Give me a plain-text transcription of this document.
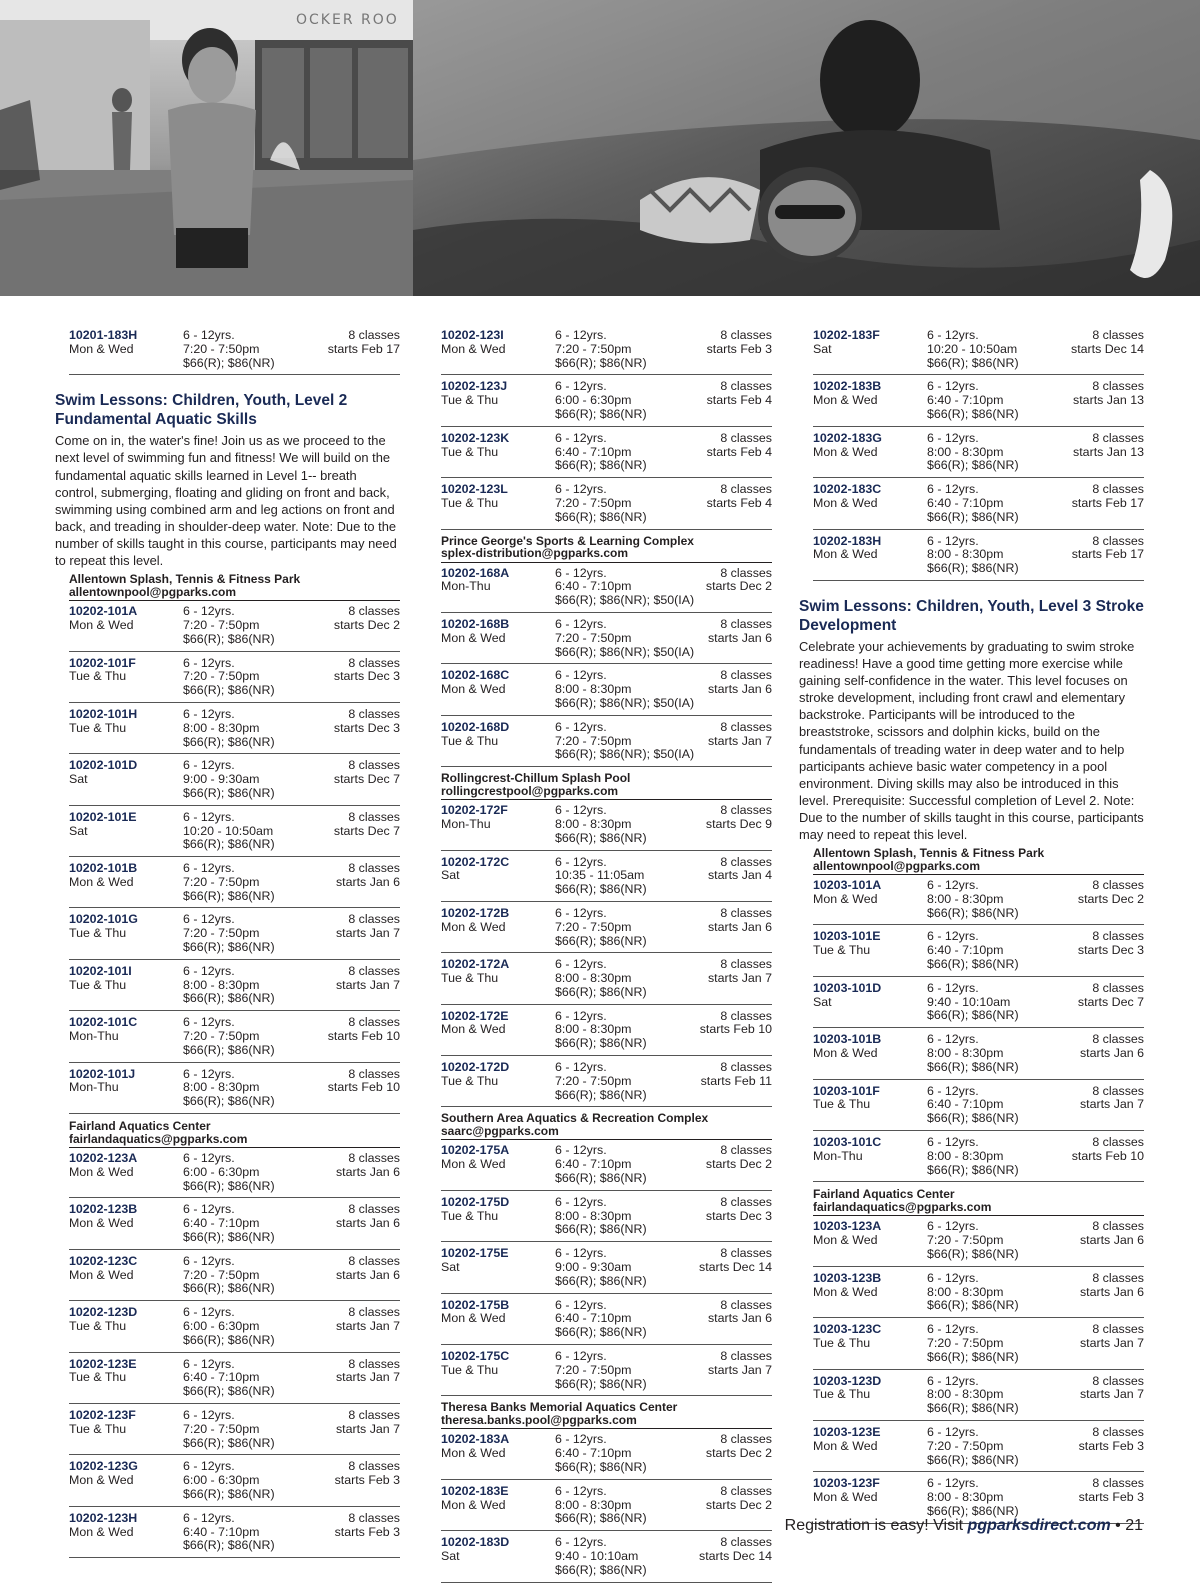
OCKER ROO
10201-183H	6 - 12yrs.	8 classes
Mon & Wed	7:20 - 7:50pm	starts Feb 17
$66(R); $86(NR)
Swim Lessons: Children, Youth, Level 2 Fundamental Aquatic Skills
Come on in, the water's fine! Join us as we proceed to the next level of swimming fun and fitness! We will build on the fundamental aquatic skills learned in Level 1-- breath control, submerging, floating and gliding on front and back, swimming using combined arm and leg actions on front and back, and treading in shoulder-deep water. Note: Due to the number of skills taught in this course, participants may need to repeat this level.
Allentown Splash, Tennis & Fitness Park
allentownpool@pgparks.com
10202-101A	6 - 12yrs.	8 classes
Mon & Wed	7:20 - 7:50pm	starts Dec 2
$66(R); $86(NR)
10202-101F	6 - 12yrs.	8 classes
Tue & Thu	7:20 - 7:50pm	starts Dec 3
$66(R); $86(NR)
10202-101H	6 - 12yrs.	8 classes
Tue & Thu	8:00 - 8:30pm	starts Dec 3
$66(R); $86(NR)
10202-101D	6 - 12yrs.	8 classes
Sat	9:00 - 9:30am	starts Dec 7
$66(R); $86(NR)
10202-101E	6 - 12yrs.	8 classes
Sat	10:20 - 10:50am	starts Dec 7
$66(R); $86(NR)
10202-101B	6 - 12yrs.	8 classes
Mon & Wed	7:20 - 7:50pm	starts Jan 6
$66(R); $86(NR)
10202-101G	6 - 12yrs.	8 classes
Tue & Thu	7:20 - 7:50pm	starts Jan 7
$66(R); $86(NR)
10202-101I	6 - 12yrs.	8 classes
Tue & Thu	8:00 - 8:30pm	starts Jan 7
$66(R); $86(NR)
10202-101C	6 - 12yrs.	8 classes
Mon-Thu	7:20 - 7:50pm	starts Feb 10
$66(R); $86(NR)
10202-101J	6 - 12yrs.	8 classes
Mon-Thu	8:00 - 8:30pm	starts Feb 10
$66(R); $86(NR)
Fairland Aquatics Center
fairlandaquatics@pgparks.com
10202-123A	6 - 12yrs.	8 classes
Mon & Wed	6:00 - 6:30pm	starts Jan 6
$66(R); $86(NR)
10202-123B	6 - 12yrs.	8 classes
Mon & Wed	6:40 - 7:10pm	starts Jan 6
$66(R); $86(NR)
10202-123C	6 - 12yrs.	8 classes
Mon & Wed	7:20 - 7:50pm	starts Jan 6
$66(R); $86(NR)
10202-123D	6 - 12yrs.	8 classes
Tue & Thu	6:00 - 6:30pm	starts Jan 7
$66(R); $86(NR)
10202-123E	6 - 12yrs.	8 classes
Tue & Thu	6:40 - 7:10pm	starts Jan 7
$66(R); $86(NR)
10202-123F	6 - 12yrs.	8 classes
Tue & Thu	7:20 - 7:50pm	starts Jan 7
$66(R); $86(NR)
10202-123G	6 - 12yrs.	8 classes
Mon & Wed	6:00 - 6:30pm	starts Feb 3
$66(R); $86(NR)
10202-123H	6 - 12yrs.	8 classes
Mon & Wed	6:40 - 7:10pm	starts Feb 3
$66(R); $86(NR)
10202-123I	6 - 12yrs.	8 classes
Mon & Wed	7:20 - 7:50pm	starts Feb 3
$66(R); $86(NR)
10202-123J	6 - 12yrs.	8 classes
Tue & Thu	6:00 - 6:30pm	starts Feb 4
$66(R); $86(NR)
10202-123K	6 - 12yrs.	8 classes
Tue & Thu	6:40 - 7:10pm	starts Feb 4
$66(R); $86(NR)
10202-123L	6 - 12yrs.	8 classes
Tue & Thu	7:20 - 7:50pm	starts Feb 4
$66(R); $86(NR)
Prince George's Sports & Learning Complex
splex-distribution@pgparks.com
10202-168A	6 - 12yrs.	8 classes
Mon-Thu	6:40 - 7:10pm	starts Dec 2
$66(R); $86(NR); $50(IA)
10202-168B	6 - 12yrs.	8 classes
Mon & Wed	7:20 - 7:50pm	starts Jan 6
$66(R); $86(NR); $50(IA)
10202-168C	6 - 12yrs.	8 classes
Mon & Wed	8:00 - 8:30pm	starts Jan 6
$66(R); $86(NR); $50(IA)
10202-168D	6 - 12yrs.	8 classes
Tue & Thu	7:20 - 7:50pm	starts Jan 7
$66(R); $86(NR); $50(IA)
Rollingcrest-Chillum Splash Pool
rollingcrestpool@pgparks.com
10202-172F	6 - 12yrs.	8 classes
Mon-Thu	8:00 - 8:30pm	starts Dec 9
$66(R); $86(NR)
10202-172C	6 - 12yrs.	8 classes
Sat	10:35 - 11:05am	starts Jan 4
$66(R); $86(NR)
10202-172B	6 - 12yrs.	8 classes
Mon & Wed	7:20 - 7:50pm	starts Jan 6
$66(R); $86(NR)
10202-172A	6 - 12yrs.	8 classes
Tue & Thu	8:00 - 8:30pm	starts Jan 7
$66(R); $86(NR)
10202-172E	6 - 12yrs.	8 classes
Mon & Wed	8:00 - 8:30pm	starts Feb 10
$66(R); $86(NR)
10202-172D	6 - 12yrs.	8 classes
Tue & Thu	7:20 - 7:50pm	starts Feb 11
$66(R); $86(NR)
Southern Area Aquatics & Recreation Complex
saarc@pgparks.com
10202-175A	6 - 12yrs.	8 classes
Mon & Wed	6:40 - 7:10pm	starts Dec 2
$66(R); $86(NR)
10202-175D	6 - 12yrs.	8 classes
Tue & Thu	8:00 - 8:30pm	starts Dec 3
$66(R); $86(NR)
10202-175E	6 - 12yrs.	8 classes
Sat	9:00 - 9:30am	starts Dec 14
$66(R); $86(NR)
10202-175B	6 - 12yrs.	8 classes
Mon & Wed	6:40 - 7:10pm	starts Jan 6
$66(R); $86(NR)
10202-175C	6 - 12yrs.	8 classes
Tue & Thu	7:20 - 7:50pm	starts Jan 7
$66(R); $86(NR)
Theresa Banks Memorial Aquatics Center
theresa.banks.pool@pgparks.com
10202-183A	6 - 12yrs.	8 classes
Mon & Wed	6:40 - 7:10pm	starts Dec 2
$66(R); $86(NR)
10202-183E	6 - 12yrs.	8 classes
Mon & Wed	8:00 - 8:30pm	starts Dec 2
$66(R); $86(NR)
10202-183D	6 - 12yrs.	8 classes
Sat	9:40 - 10:10am	starts Dec 14
$66(R); $86(NR)
10202-183F	6 - 12yrs.	8 classes
Sat	10:20 - 10:50am	starts Dec 14
$66(R); $86(NR)
10202-183B	6 - 12yrs.	8 classes
Mon & Wed	6:40 - 7:10pm	starts Jan 13
$66(R); $86(NR)
10202-183G	6 - 12yrs.	8 classes
Mon & Wed	8:00 - 8:30pm	starts Jan 13
$66(R); $86(NR)
10202-183C	6 - 12yrs.	8 classes
Mon & Wed	6:40 - 7:10pm	starts Feb 17
$66(R); $86(NR)
10202-183H	6 - 12yrs.	8 classes
Mon & Wed	8:00 - 8:30pm	starts Feb 17
$66(R); $86(NR)
Swim Lessons: Children, Youth, Level 3 Stroke Development
Celebrate your achievements by graduating to swim stroke readiness! Have a good time getting more exercise while gaining self-confidence in the water. This level focuses on stroke development, including front crawl and elementary backstroke. Participants will be introduced to the breaststroke, scissors and dolphin kicks, build on the fundamentals of treading water in deep water and to help participants achieve basic water competency in a pool environment. Diving skills may also be introduced in this level. Prerequisite: Successful completion of Level 2. Note: Due to the number of skills taught in this course, participants may need to repeat this level.
Allentown Splash, Tennis & Fitness Park
allentownpool@pgparks.com
10203-101A	6 - 12yrs.	8 classes
Mon & Wed	8:00 - 8:30pm	starts Dec 2
$66(R); $86(NR)
10203-101E	6 - 12yrs.	8 classes
Tue & Thu	6:40 - 7:10pm	starts Dec 3
$66(R); $86(NR)
10203-101D	6 - 12yrs.	8 classes
Sat	9:40 - 10:10am	starts Dec 7
$66(R); $86(NR)
10203-101B	6 - 12yrs.	8 classes
Mon & Wed	8:00 - 8:30pm	starts Jan 6
$66(R); $86(NR)
10203-101F	6 - 12yrs.	8 classes
Tue & Thu	6:40 - 7:10pm	starts Jan 7
$66(R); $86(NR)
10203-101C	6 - 12yrs.	8 classes
Mon-Thu	8:00 - 8:30pm	starts Feb 10
$66(R); $86(NR)
Fairland Aquatics Center
fairlandaquatics@pgparks.com
10203-123A	6 - 12yrs.	8 classes
Mon & Wed	7:20 - 7:50pm	starts Jan 6
$66(R); $86(NR)
10203-123B	6 - 12yrs.	8 classes
Mon & Wed	8:00 - 8:30pm	starts Jan 6
$66(R); $86(NR)
10203-123C	6 - 12yrs.	8 classes
Tue & Thu	7:20 - 7:50pm	starts Jan 7
$66(R); $86(NR)
10203-123D	6 - 12yrs.	8 classes
Tue & Thu	8:00 - 8:30pm	starts Jan 7
$66(R); $86(NR)
10203-123E	6 - 12yrs.	8 classes
Mon & Wed	7:20 - 7:50pm	starts Feb 3
$66(R); $86(NR)
10203-123F	6 - 12yrs.	8 classes
Mon & Wed	8:00 - 8:30pm	starts Feb 3
$66(R); $86(NR)
Registration is easy! Visit pgparksdirect.com • 21
